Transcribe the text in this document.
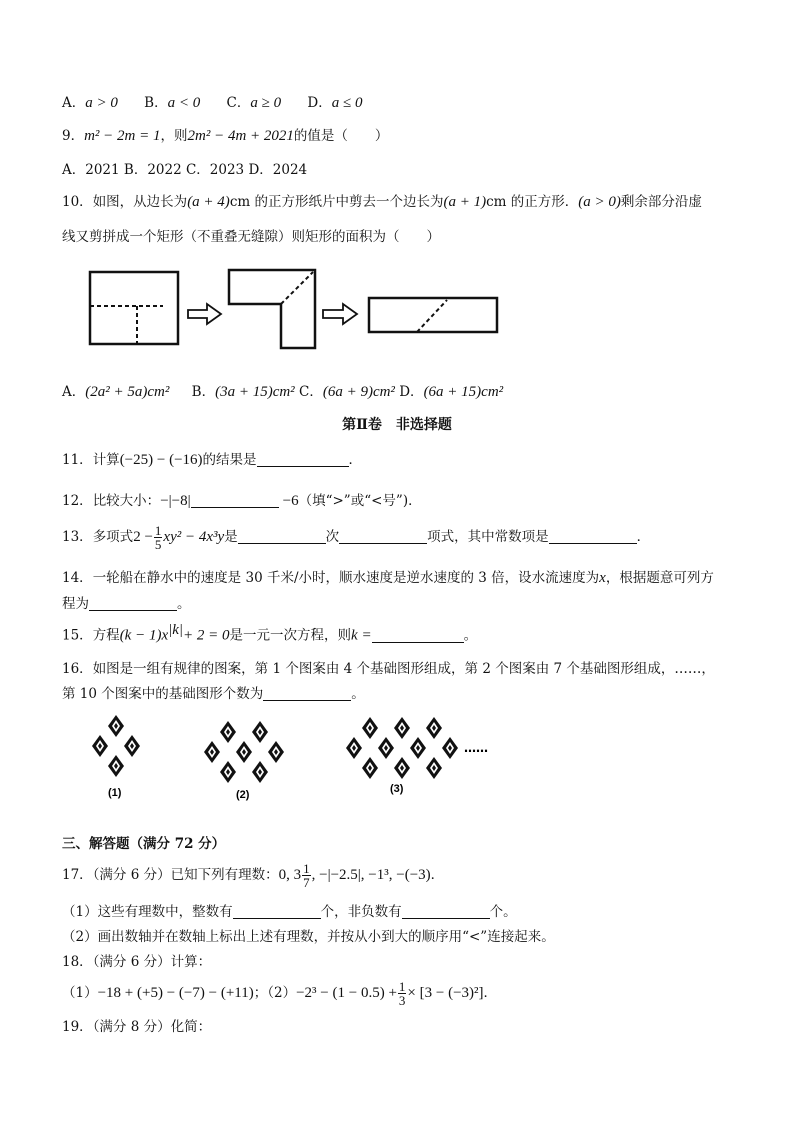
A．a > 0 B．a < 0 C．a ≥ 0 D．a ≤ 0
9．m² − 2m = 1，则2m² − 4m + 2021的值是（　　）
A．2021 B．2022 C．2023 D．2024
10．如图，从边长为(a + 4)cm 的正方形纸片中剪去一个边长为(a + 1)cm 的正方形．(a > 0)剩余部分沿虚
线又剪拼成一个矩形（不重叠无缝隙）则矩形的面积为（　　）
A．(2a² + 5a)cm² B．(3a + 15)cm² C．(6a + 9)cm² D．(6a + 15)cm²
第Ⅱ卷　非选择题
11．计算(−25) − (−16)的结果是	．
12．比较大小：−|−8|	−6（填“>”或“<号”)．
13．多项式$2 - \frac{1}{5} xy^2 - 4x^3y$是	次	项式，其中常数项是	．
14．一轮船在静水中的速度是 30 千米/小时，顺水速度是逆水速度的 3 倍，设水流速度为x，根据题意可列方
程为	。
15．方程$(k - 1)x^{|k|}+ 2 = 0$是一元一次方程，则k =	。
16．如图是一组有规律的图案，第 1 个图案由 4 个基础图形组成，第 2 个图案由 7 个基础图形组成，……，
第 10 个图案中的基础图形个数为	。
……
(1)	(2)	(3)
三、解答题（满分 72 分）
17．（满分 6 分）已知下列有理数：0, $3 \frac{1}{7}$ , −|−2.5|, −1³, −(−3)．
（1）这些有理数中，整数有	个，非负数有	个。
（2）画出数轴并在数轴上标出上述有理数，并按从小到大的顺序用“<”连接起来。
18．（满分 6 分）计算：
（1）−18 + (+5) − (−7) − (+11)；$(2)-2^3 - (1 - 0.5) + \frac{1}{3} \times [3 - (-3)^2]$．
19．（满分 8 分）化简：
